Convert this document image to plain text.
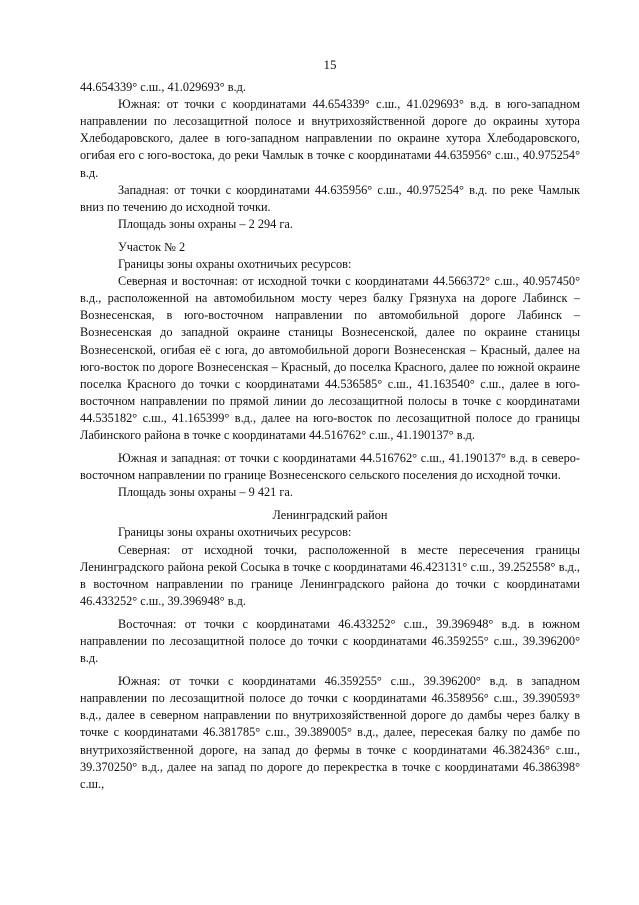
15

44.654339° с.ш., 41.029693° в.д.

Южная: от точки с координатами 44.654339° с.ш., 41.029693° в.д. в юго-западном направлении по лесозащитной полосе и внутрихозяйственной дороге до окраины хутора Хлебодаровского, далее в юго-западном направлении по окраине хутора Хлебодаровского, огибая его с юго-востока, до реки Чамлык в точке с координатами 44.635956° с.ш., 40.975254° в.д.

Западная: от точки с координатами 44.635956° с.ш., 40.975254° в.д. по реке Чамлык вниз по течению до исходной точки.

Площадь зоны охраны – 2 294 га.

Участок № 2

Границы зоны охраны охотничьих ресурсов:

Северная и восточная: от исходной точки с координатами 44.566372° с.ш., 40.957450° в.д., расположенной на автомобильном мосту через балку Грязнуха на дороге Лабинск – Вознесенская, в юго-восточном направлении по автомобильной дороге Лабинск – Вознесенская до западной окраине станицы Вознесенской, далее по окраине станицы Вознесенской, огибая её с юга, до автомобильной дороги Вознесенская – Красный, далее на юго-восток по дороге Вознесенская – Красный, до поселка Красного, далее по южной окраине поселка Красного до точки с координатами 44.536585° с.ш., 41.163540° с.ш., далее в юго-восточном направлении по прямой линии до лесозащитной полосы в точке с координатами 44.535182° с.ш., 41.165399° в.д., далее на юго-восток по лесозащитной полосе до границы Лабинского района в точке с координатами 44.516762° с.ш., 41.190137° в.д.

Южная и западная: от точки с координатами 44.516762° с.ш., 41.190137° в.д. в северо-восточном направлении по границе Вознесенского сельского поселения до исходной точки.

Площадь зоны охраны – 9 421 га.

Ленинградский район

Границы зоны охраны охотничьих ресурсов:

Северная: от исходной точки, расположенной в месте пересечения границы Ленинградского района рекой Сосыка в точке с координатами 46.423131° с.ш., 39.252558° в.д., в восточном направлении по границе Ленинградского района до точки с координатами 46.433252° с.ш., 39.396948° в.д.

Восточная: от точки с координатами 46.433252° с.ш., 39.396948° в.д. в южном направлении по лесозащитной полосе до точки с координатами 46.359255° с.ш., 39.396200° в.д.

Южная: от точки с координатами 46.359255° с.ш., 39.396200° в.д. в западном направлении по лесозащитной полосе до точки с координатами 46.358956° с.ш., 39.390593° в.д., далее в северном направлении по внутрихозяйственной дороге до дамбы через балку в точке с координатами 46.381785° с.ш., 39.389005° в.д., далее, пересекая балку по дамбе по внутрихозяйственной дороге, на запад до фермы в точке с координатами 46.382436° с.ш., 39.370250° в.д., далее на запад по дороге до перекрестка в точке с координатами 46.386398° с.ш.,
